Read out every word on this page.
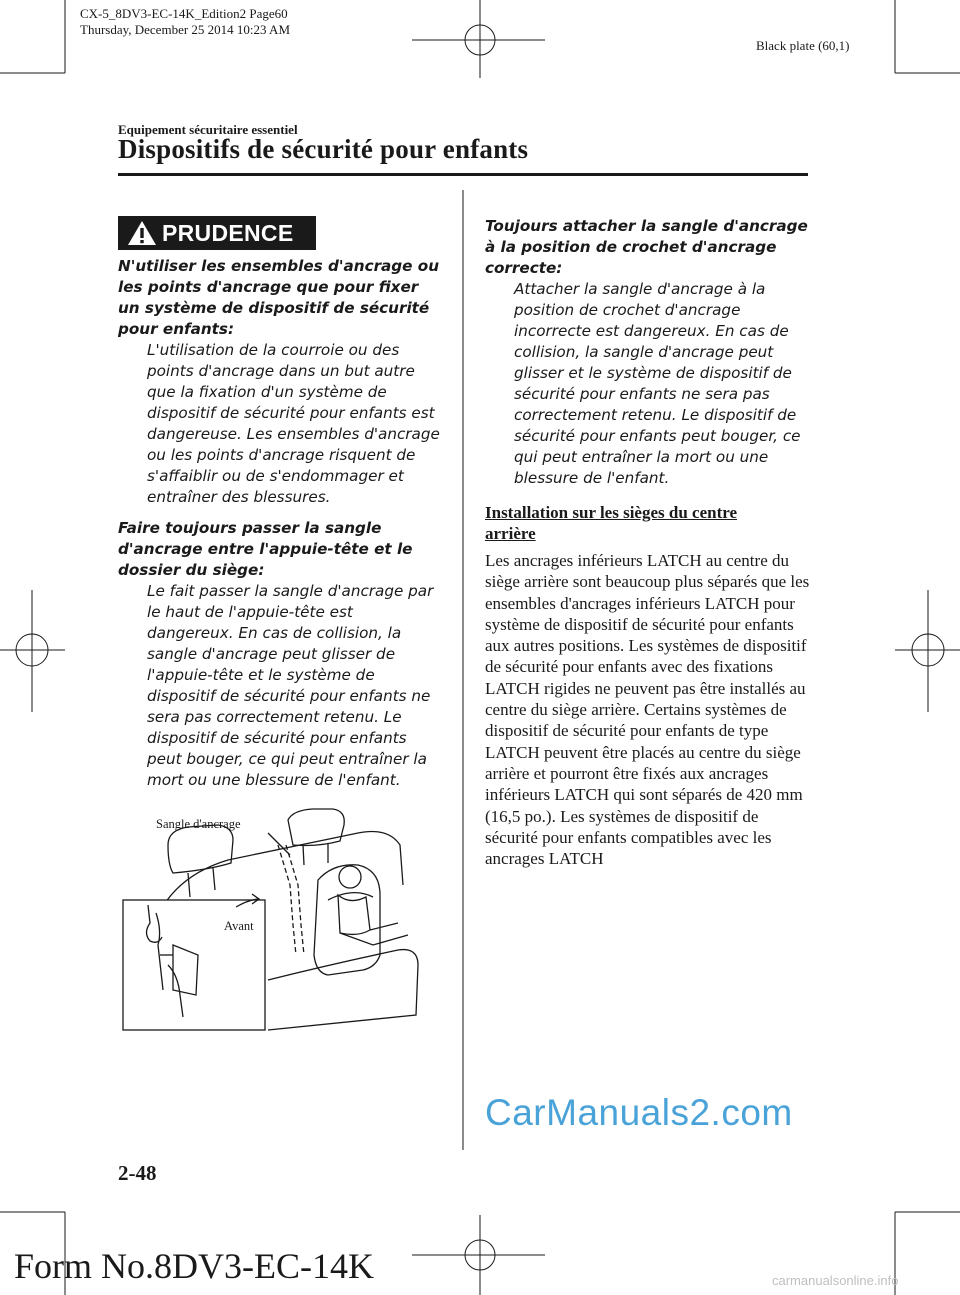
CX-5_8DV3-EC-14K_Edition2 Page60
Thursday, December 25 2014 10:23 AM
Black plate (60,1)
Equipement sécuritaire essentiel
Dispositifs de sécurité pour enfants
PRUDENCE
N'utiliser les ensembles d'ancrage ou les points d'ancrage que pour fixer un système de dispositif de sécurité pour enfants:
L'utilisation de la courroie ou des points d'ancrage dans un but autre que la fixation d'un système de dispositif de sécurité pour enfants est dangereuse. Les ensembles d'ancrage ou les points d'ancrage risquent de s'affaiblir ou de s'endommager et entraîner des blessures.
Faire toujours passer la sangle d'ancrage entre l'appuie-tête et le dossier du siège:
Le fait passer la sangle d'ancrage par le haut de l'appuie-tête est dangereux. En cas de collision, la sangle d'ancrage peut glisser de l'appuie-tête et le système de dispositif de sécurité pour enfants ne sera pas correctement retenu. Le dispositif de sécurité pour enfants peut bouger, ce qui peut entraîner la mort ou une blessure de l'enfant.
Sangle d'ancrage
Avant
Toujours attacher la sangle d'ancrage à la position de crochet d'ancrage correcte:
Attacher la sangle d'ancrage à la position de crochet d'ancrage incorrecte est dangereux. En cas de collision, la sangle d'ancrage peut glisser et le système de dispositif de sécurité pour enfants ne sera pas correctement retenu. Le dispositif de sécurité pour enfants peut bouger, ce qui peut entraîner la mort ou une blessure de l'enfant.
Installation sur les sièges du centre arrière
Les ancrages inférieurs LATCH au centre du siège arrière sont beaucoup plus séparés que les ensembles d'ancrages inférieurs LATCH pour système de dispositif de sécurité pour enfants aux autres positions. Les systèmes de dispositif de sécurité pour enfants avec des fixations LATCH rigides ne peuvent pas être installés au centre du siège arrière. Certains systèmes de dispositif de sécurité pour enfants de type LATCH peuvent être placés au centre du siège arrière et pourront être fixés aux ancrages inférieurs LATCH qui sont séparés de 420 mm (16,5 po.). Les systèmes de dispositif de sécurité pour enfants compatibles avec les ancrages LATCH
CarManuals2.com
2-48
Form No.8DV3-EC-14K	carmanualsonline.info
